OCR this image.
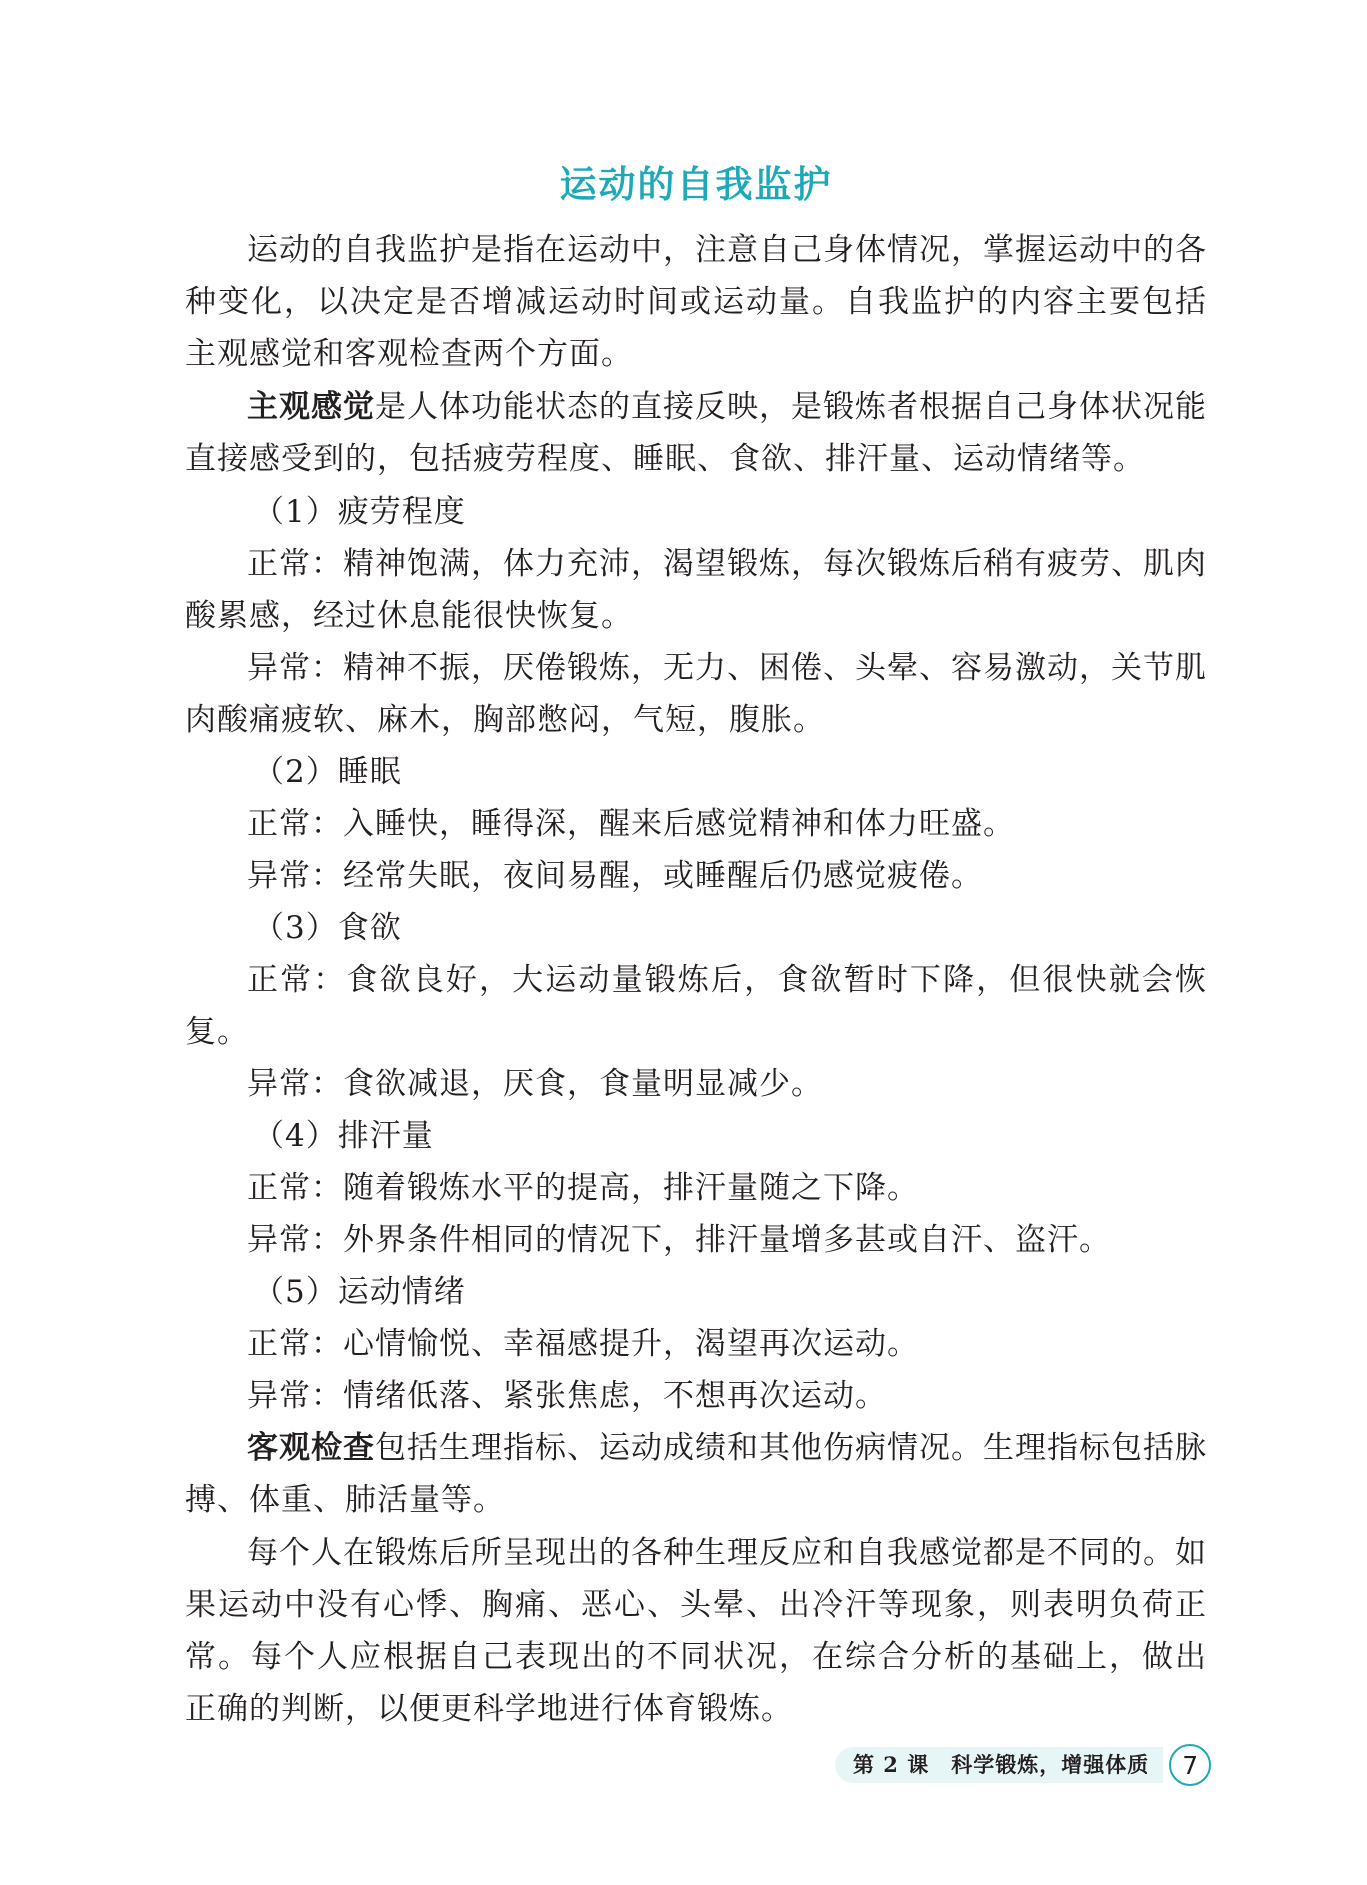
运动的自我监护

运动的自我监护是指在运动中，注意自己身体情况，掌握运动中的各种变化，以决定是否增减运动时间或运动量。自我监护的内容主要包括主观感觉和客观检查两个方面。

主观感觉是人体功能状态的直接反映，是锻炼者根据自己身体状况能直接感受到的，包括疲劳程度、睡眠、食欲、排汗量、运动情绪等。

（1）疲劳程度

正常：精神饱满，体力充沛，渴望锻炼，每次锻炼后稍有疲劳、肌肉酸累感，经过休息能很快恢复。

异常：精神不振，厌倦锻炼，无力、困倦、头晕、容易激动，关节肌肉酸痛疲软、麻木，胸部憋闷，气短，腹胀。

（2）睡眠

正常：入睡快，睡得深，醒来后感觉精神和体力旺盛。

异常：经常失眠，夜间易醒，或睡醒后仍感觉疲倦。

（3）食欲

正常：食欲良好，大运动量锻炼后，食欲暂时下降，但很快就会恢复。

异常：食欲减退，厌食，食量明显减少。

（4）排汗量

正常：随着锻炼水平的提高，排汗量随之下降。

异常：外界条件相同的情况下，排汗量增多甚或自汗、盗汗。

（5）运动情绪

正常：心情愉悦、幸福感提升，渴望再次运动。

异常：情绪低落、紧张焦虑，不想再次运动。

客观检查包括生理指标、运动成绩和其他伤病情况。生理指标包括脉搏、体重、肺活量等。

每个人在锻炼后所呈现出的各种生理反应和自我感觉都是不同的。如果运动中没有心悸、胸痛、恶心、头晕、出冷汗等现象，则表明负荷正常。每个人应根据自己表现出的不同状况，在综合分析的基础上，做出正确的判断，以便更科学地进行体育锻炼。

第 2 课　科学锻炼，增强体质	7
